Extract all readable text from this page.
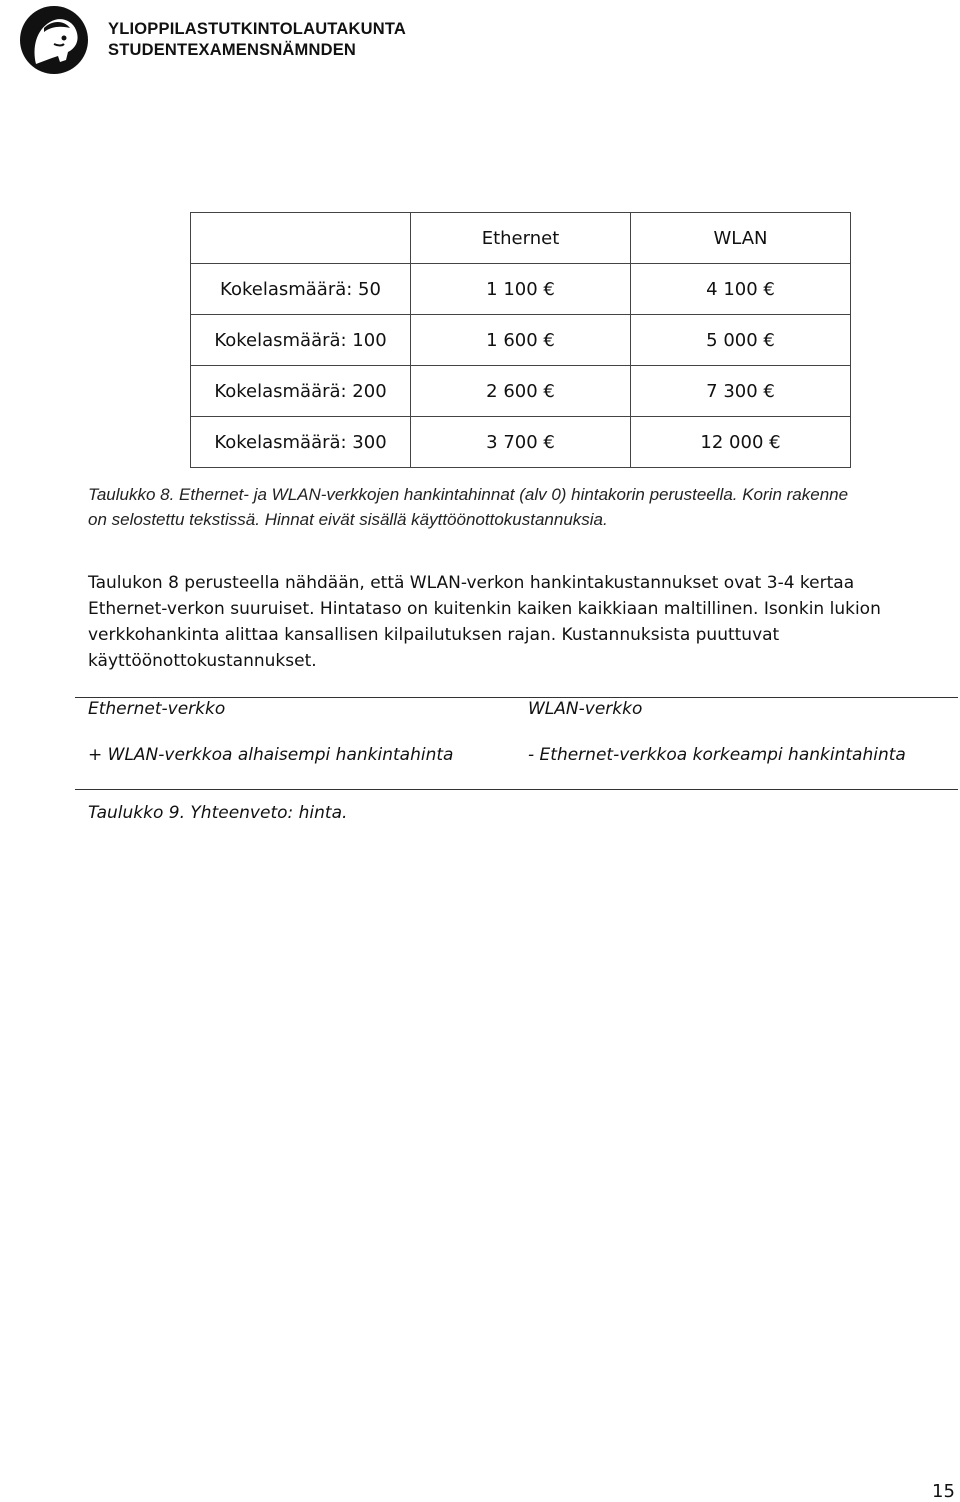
YLIOPPILASTUTKINTOLAUTAKUNTA
STUDENTEXAMENSNÄMNDEN
	Ethernet	WLAN
Kokelasmäärä: 50	1 100 €	4 100 €
Kokelasmäärä: 100	1 600 €	5 000 €
Kokelasmäärä: 200	2 600 €	7 300 €
Kokelasmäärä: 300	3 700 €	12 000 €
Taulukko 8. Ethernet- ja WLAN-verkkojen hankintahinnat (alv 0) hintakorin perusteella. Korin rakenne
on selostettu tekstissä. Hinnat eivät sisällä käyttöönottokustannuksia.
Taulukon 8 perusteella nähdään, että WLAN-verkon hankintakustannukset ovat 3-4 kertaa
Ethernet-verkon suuruiset. Hintataso on kuitenkin kaiken kaikkiaan maltillinen. Isonkin lukion
verkkohankinta alittaa kansallisen kilpailutuksen rajan. Kustannuksista puuttuvat
käyttöönottokustannukset.
Ethernet-verkko	WLAN-verkko
+ WLAN-verkkoa alhaisempi hankintahinta	- Ethernet-verkkoa korkeampi hankintahinta
Taulukko 9. Yhteenveto: hinta.
15
